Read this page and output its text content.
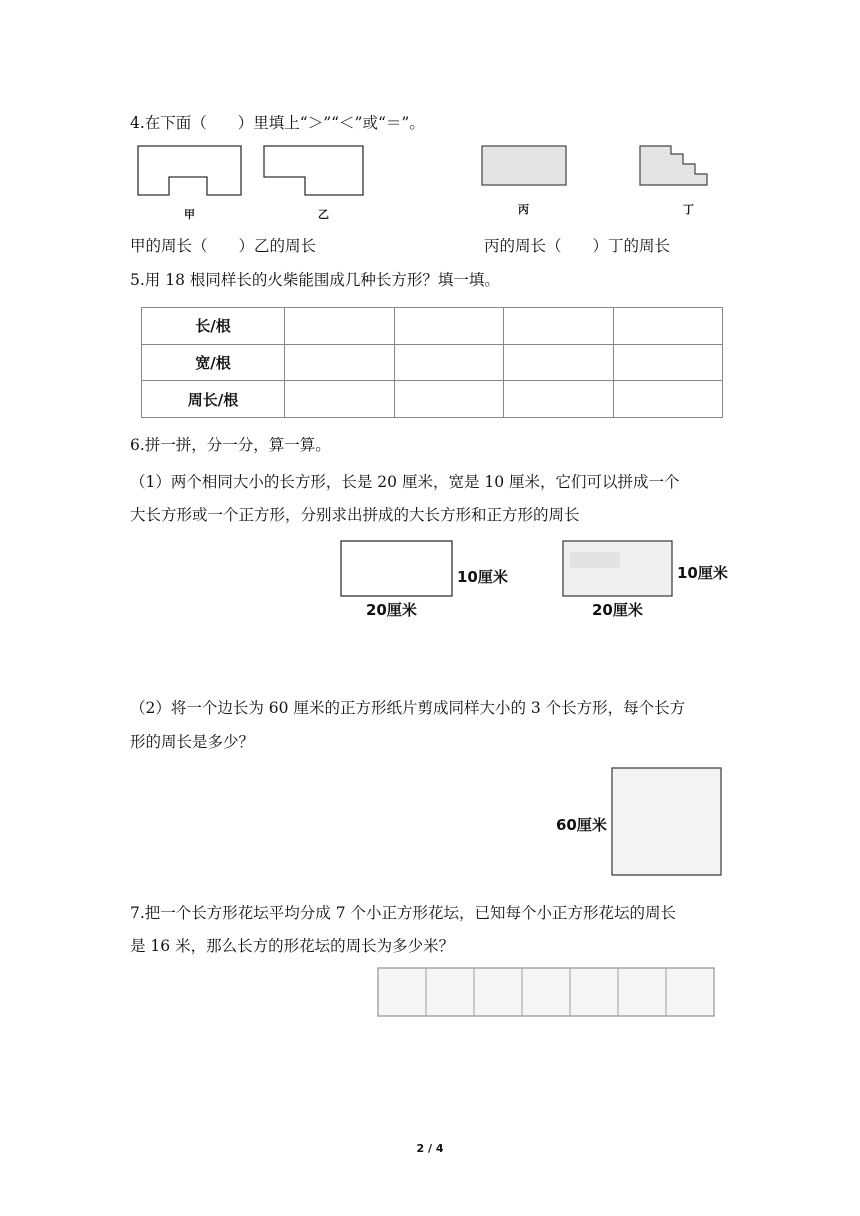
4.在下面（　　）里填上“＞”“＜”或“＝”。
甲	乙	丙	丁
甲的周长（　　）乙的周长	丙的周长（　　）丁的周长
5.用 18 根同样长的火柴能围成几种长方形？填一填。
长/根				
宽/根				
周长/根				
6.拼一拼，分一分，算一算。
（1）两个相同大小的长方形，长是 20 厘米，宽是 10 厘米，它们可以拼成一个
大长方形或一个正方形，分别求出拼成的大长方形和正方形的周长
10厘米
20厘米
10厘米
20厘米
（2）将一个边长为 60 厘米的正方形纸片剪成同样大小的 3 个长方形，每个长方
形的周长是多少？
60厘米
7.把一个长方形花坛平均分成 7 个小正方形花坛，已知每个小正方形花坛的周长
是 16 米，那么长方的形花坛的周长为多少米？
2 / 4
